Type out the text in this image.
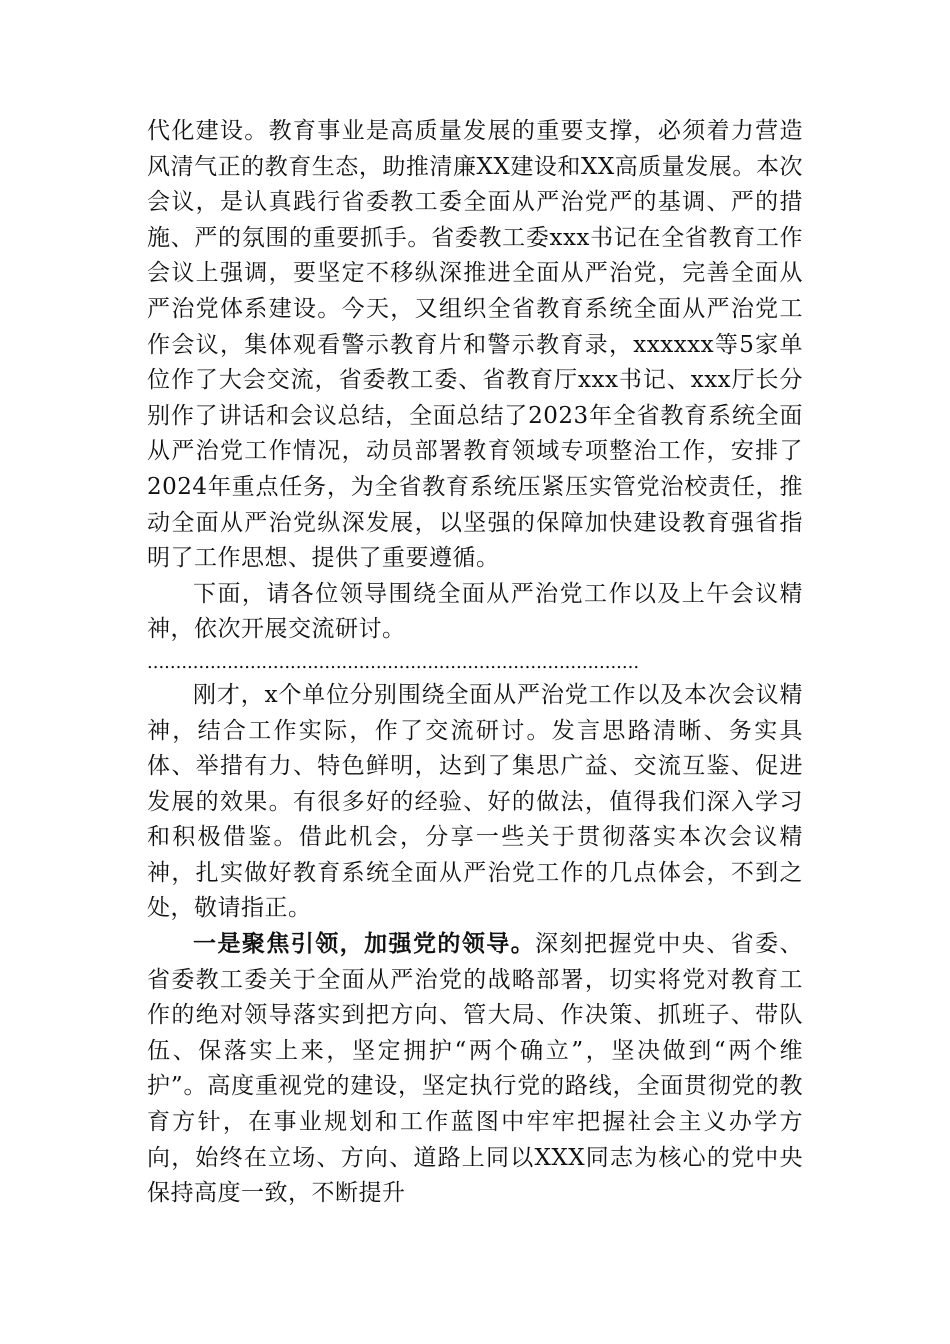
代化建设。教育事业是高质量发展的重要支撑，必须着力营造风清气正的教育生态，助推清廉XX建设和XX高质量发展。本次会议，是认真践行省委教工委全面从严治党严的基调、严的措施、严的氛围的重要抓手。省委教工委xxx书记在全省教育工作会议上强调，要坚定不移纵深推进全面从严治党，完善全面从严治党体系建设。今天，又组织全省教育系统全面从严治党工作会议，集体观看警示教育片和警示教育录，xxxxxx等5家单位作了大会交流，省委教工委、省教育厅xxx书记、xxx厅长分别作了讲话和会议总结，全面总结了2023年全省教育系统全面从严治党工作情况，动员部署教育领域专项整治工作，安排了2024年重点任务，为全省教育系统压紧压实管党治校责任，推动全面从严治党纵深发展，以坚强的保障加快建设教育强省指明了工作思想、提供了重要遵循。

下面，请各位领导围绕全面从严治党工作以及上午会议精神，依次开展交流研讨。

......................................................................................

刚才，x个单位分别围绕全面从严治党工作以及本次会议精神，结合工作实际，作了交流研讨。发言思路清晰、务实具体、举措有力、特色鲜明，达到了集思广益、交流互鉴、促进发展的效果。有很多好的经验、好的做法，值得我们深入学习和积极借鉴。借此机会，分享一些关于贯彻落实本次会议精神，扎实做好教育系统全面从严治党工作的几点体会，不到之处，敬请指正。

一是聚焦引领，加强党的领导。深刻把握党中央、省委、省委教工委关于全面从严治党的战略部署，切实将党对教育工作的绝对领导落实到把方向、管大局、作决策、抓班子、带队伍、保落实上来，坚定拥护“两个确立”，坚决做到“两个维护”。高度重视党的建设，坚定执行党的路线，全面贯彻党的教育方针，在事业规划和工作蓝图中牢牢把握社会主义办学方向，始终在立场、方向、道路上同以XXX同志为核心的党中央保持高度一致，不断提升
